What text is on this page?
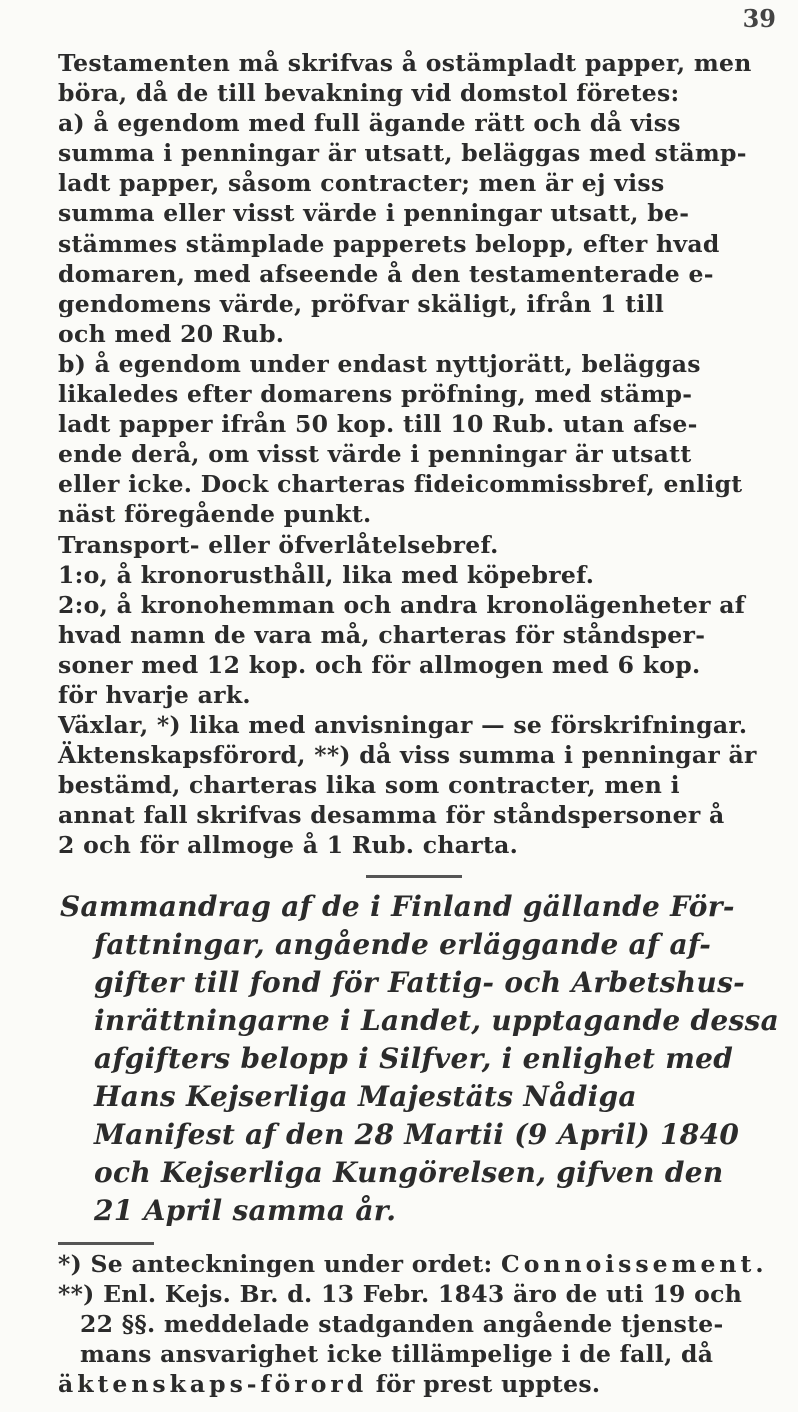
39
Testamenten må skrifvas å ostämpladt papper, men
böra, då de till bevakning vid domstol företes:
a) å egendom med full ägande rätt och då viss
summa i penningar är utsatt, beläggas med stämp-
ladt papper, såsom contracter; men är ej viss
summa eller visst värde i penningar utsatt, be-
stämmes stämplade papperets belopp, efter hvad
domaren, med afseende å den testamenterade e-
gendomens värde, pröfvar skäligt, ifrån 1 till
och med 20 Rub.
b) å egendom under endast nyttjorätt, beläggas
likaledes efter domarens pröfning, med stämp-
ladt papper ifrån 50 kop. till 10 Rub. utan afse-
ende derå, om visst värde i penningar är utsatt
eller icke. Dock charteras fideicommissbref, enligt
näst föregående punkt.
Transport- eller öfverlåtelsebref.
1:o, å kronorusthåll, lika med köpebref.
2:o, å kronohemman och andra kronolägenheter af
hvad namn de vara må, charteras för ståndsper-
soner med 12 kop. och för allmogen med 6 kop.
för hvarje ark.
Växlar, *) lika med anvisningar — se förskrifningar.
Äktenskapsförord, **) då viss summa i penningar är
bestämd, charteras lika som contracter, men i
annat fall skrifvas desamma för ståndspersoner å
2 och för allmoge å 1 Rub. charta.
Sammandrag af de i Finland gällande För-
fattningar, angående erläggande af af-
gifter till fond för Fattig- och Arbetshus-
inrättningarne i Landet, upptagande dessa
afgifters belopp i Silfver, i enlighet med
Hans Kejserliga Majestäts Nådiga
Manifest af den 28 Martii (9 April) 1840
och Kejserliga Kungörelsen, gifven den
21 April samma år.
*) Se anteckningen under ordet: Connoissement.
**) Enl. Kejs. Br. d. 13 Febr. 1843 äro de uti 19 och
22 §§. meddelade stadganden angående tjenste-
mans ansvarighet icke tillämpelige i de fall, då
äktenskaps-förord för prest upptes.
